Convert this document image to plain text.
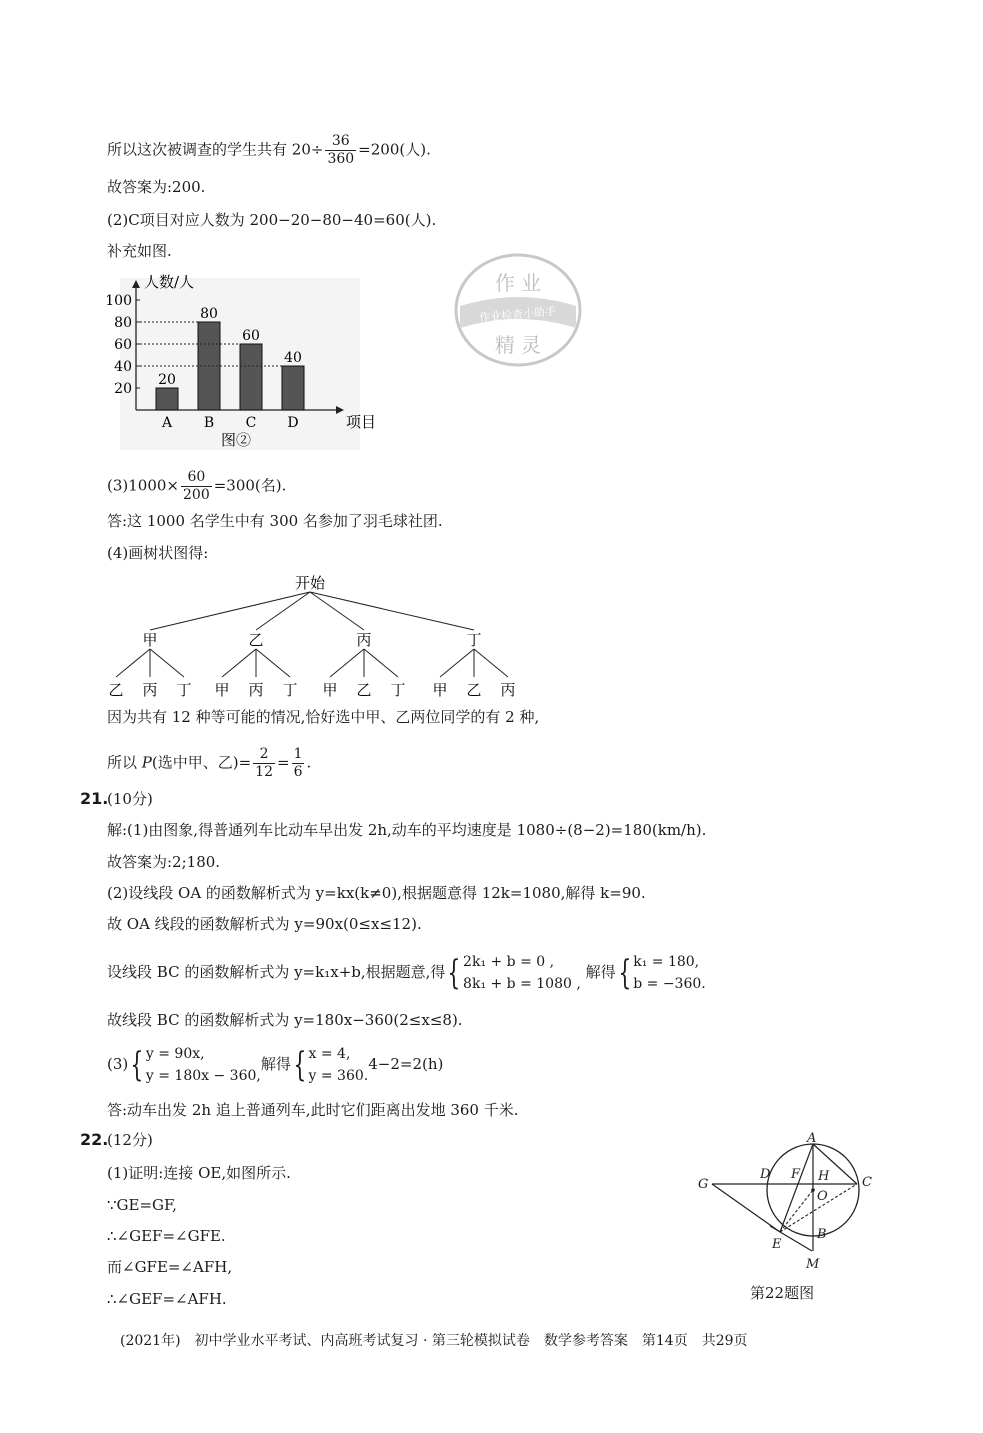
所以这次被调查的学生共有 $20\div \frac{36}{360} =200$(人).
故答案为:200.
(2)C项目对应人数为 200−20−80−40=60(人).
补充如图.
人数/人
项目
20
40
60
80
100
20
A
80
B
60
C
40
D
图②
作 业
作业检查小助手
精 灵
$(3)1000\times \frac{60}{200} =300$(名).
答:这 1000 名学生中有 300 名参加了羽毛球社团.
(4)画树状图得:
开始
甲
乙 丙 丁
乙
甲 丙 丁
丙
甲 乙 丁
丁
甲 乙 丙
因为共有 12 种等可能的情况,恰好选中甲、乙两位同学的有 2 种,
所以 P(选中甲、乙)= $\frac{2}{12} = \frac{1}{6}$ .
21.
(10分)
解:(1)由图象,得普通列车比动车早出发 2h,动车的平均速度是 1080÷(8−2)=180(km/h).
故答案为:2;180.
(2)设线段 OA 的函数解析式为 y=kx(k≠0),根据题意得 12k=1080,解得 k=90.
故 OA 线段的函数解析式为 y=90x(0≤x≤12).
设线段 BC 的函数解析式为 y=k₁x+b,根据题意,得{ 2k₁ + b = 0 ,
8k₁ + b = 1080 ,
解得{ k₁ = 180,
b = −360.
故线段 BC 的函数解析式为 y=180x−360(2≤x≤8).
(3){ y = 90x,
y = 180x − 360,
解得{ x = 4,
y = 360.
4−2=2(h)
答:动车出发 2h 追上普通列车,此时它们距离出发地 360 千米.
22.
(12分)
(1)证明:连接 OE,如图所示.
∵GE=GF,
∴∠GEF=∠GFE.
而∠GFE=∠AFH,
∴∠GEF=∠AFH.
A
D F H	C
G
O
E
B
M
第22题图
(2021年)　初中学业水平考试、内高班考试复习 · 第三轮模拟试卷　数学参考答案　第14页　共29页
